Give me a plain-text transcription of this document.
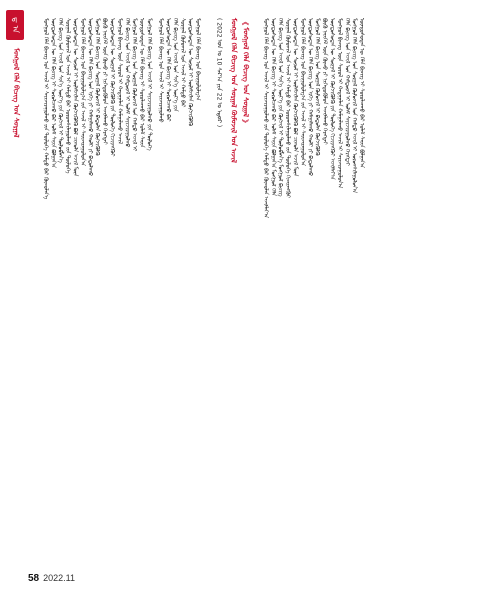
ᠳ ᠠ
ᠮᠣᠩᠭᠣᠯ ᠬᠡᠯᠡ ᠪᠢᠴᠢᠭ ᠤᠨ ᠰᠤᠷᠭᠠᠯ	ᠮᠣᠩᠭᠣᠯ ᠬᠡᠯᠡ ᠪᠢᠴᠢᠭ ᠤᠨ ᠠᠵᠢᠯ ᠢ ᠰᠠᠶᠢᠵᠢᠷᠠᠭᠤᠯᠬᠤ ᠶᠢᠨ ᠲᠥᠯᠥᠭᠡ ᠬᠠᠮᠲᠤ ᠪᠡᠷ ᠬᠦᠴᠦᠯᠡᠨ᠎ᠡ ᠦᠨᠳᠦᠰᠦᠲᠡᠨ ᠦ ᠬᠡᠯᠡ ᠪᠢᠴᠢᠭ ᠢ ᠰᠤᠷᠤᠯᠴᠠᠬᠤ ᠪᠡᠷ ᠤᠯᠠᠮ ᠰᠠᠶᠢᠨ ᠪᠣᠯᠭᠠᠨ᠎ᠠ ᠬᠡᠯᠡ ᠪᠢᠴᠢᠭ ᠤᠨ ᠠᠵᠢᠯ ᠤᠨ ᠰᠢᠨ᠎ᠡ ᠦᠶ᠎ᠡ ᠶᠢᠨ ᠬᠥᠭᠵᠢᠯ ᠢ ᠲᠥᠯᠥᠪᠯᠡᠨ᠎ᠡ ᠰᠤᠷᠭᠠᠯ ᠬᠥᠮᠦᠵᠢᠯ ᠤᠨ ᠠᠵᠢᠯ ᠢ ᠬᠠᠮᠲᠤ ᠪᠡᠷ ᠤᠷᠤᠭᠰᠢᠯᠠᠭᠤᠯᠬᠤ ᠶᠢᠨ ᠲᠥᠯᠥᠭᠡ ᠦᠨᠳᠦᠰᠦᠲᠡᠨ ᠦ ᠰᠣᠶᠣᠯ ᠢ ᠦᠯᠡᠮᠵᠢᠯᠡᠨ ᠬᠥᠭᠵᠢᠭᠦᠯᠬᠦ ᠪᠣᠯ ᠴᠢᠬᠤᠯᠠ ᠠᠵᠢᠯ ᠮᠥᠨ ᠮᠣᠩᠭᠣᠯ ᠬᠡᠯᠡ ᠪᠢᠴᠢᠭ ᠤᠨ ᠪᠠᠶᠢᠭᠤᠯᠤᠯᠭ᠎ᠠ ᠶᠢᠨ ᠠᠵᠢᠯ ᠢ ᠰᠠᠶᠢᠵᠢᠷᠠᠭᠤᠯᠤᠨ᠎ᠠ ᠦᠨᠳᠦᠰᠦᠲᠡᠨ ᠦ ᠬᠡᠯᠡ ᠪᠢᠴᠢᠭ ᠤᠨ ᠡᠷᠬᠡ ᠶᠢ ᠬᠠᠮᠠᠭᠠᠯᠠᠬᠤ ᠬᠠᠤᠯᠢ ᠶᠢ ᠪᠠᠲᠤᠯᠠᠬᠤ ᠮᠣᠩᠭᠣᠯ ᠬᠡᠯᠡ ᠪᠢᠴᠢᠭ ᠤᠨ ᠰᠤᠷᠭᠠᠯ ᠬᠥᠮᠦᠵᠢᠯ ᠢ ᠪᠠᠲᠤᠯᠠᠨ ᠬᠥᠭᠵᠢᠭᠦᠯᠬᠦ ᠪᠦᠬᠦ ᠨᠡᠶᠢᠭᠡᠮ ᠦᠨ ᠬᠦᠴᠦ ᠶᠢ ᠨᠢᠭᠡᠳᠦᠭᠦᠯᠦᠨ ᠠᠵᠢᠯᠯᠠᠬᠤ ᠬᠡᠷᠡᠭᠲᠡᠢ ᠦᠨᠳᠦᠰᠦᠲᠡᠨ ᠦ ᠰᠤᠷᠭᠠᠯ ᠢ ᠬᠥᠭᠵᠢᠭᠦᠯᠬᠦ ᠶᠢᠨ ᠲᠥᠯᠥᠭᠡ ᠬᠢᠴᠢᠶᠡᠩᠭᠦᠢ ᠮᠣᠩᠭᠣᠯ ᠪᠢᠴᠢᠭ ᠦᠨ ᠰᠣᠶᠣᠯ ᠢ ᠬᠠᠳᠠᠭᠠᠯᠠᠨ ᠬᠠᠮᠠᠭᠠᠯᠠᠬᠤ ᠠᠵᠢᠯ ᠬᠡᠯᠡ ᠪᠢᠴᠢᠭ ᠤᠨ ᠠᠵᠢᠯ ᠤᠨ ᠬᠠᠮᠲᠤᠷᠠᠯ ᠢ ᠤᠯᠠᠮ ᠰᠠᠶᠢᠵᠢᠷᠠᠭᠤᠯᠬᠤ ᠮᠣᠩᠭᠣᠯ ᠬᠡᠯᠡ ᠪᠢᠴᠢᠭ ᠤᠨ ᠰᠤᠷᠭᠠᠯ ᠬᠥᠮᠦᠵᠢᠯ ᠤᠨ ᠬᠠᠮᠲᠤ ᠠᠵᠢᠯ ᠢ ᠦᠨᠳᠦᠰᠦᠲᠡᠨ ᠦ ᠬᠡᠯᠡ ᠪᠢᠴᠢᠭ ᠢ ᠰᠤᠷᠤᠯᠴᠠᠬᠤ ᠪᠡᠷ ᠤᠯᠠᠮ ᠰᠠᠶᠢᠨ ᠮᠣᠩᠭᠣᠯ ᠬᠡᠯᠡ ᠪᠢᠴᠢᠭ ᠤᠨ ᠠᠵᠢᠯ ᠢ ᠰᠠᠶᠢᠵᠢᠷᠠᠭᠤᠯᠬᠤ ᠶᠢᠨ ᠲᠥᠯᠥᠭᠡ ᠮᠣᠩᠭᠣᠯ ᠬᠡᠯᠡ ᠪᠢᠴᠢᠭ ᠤᠨ ᠠᠵᠢᠯ ᠢ ᠰᠠᠶᠢᠵᠢᠷᠠᠭᠤᠯᠬᠤ ᠦᠨᠳᠦᠰᠦᠲᠡᠨ ᠦ ᠬᠡᠯᠡ ᠪᠢᠴᠢᠭ ᠢ ᠰᠤᠷᠤᠯᠴᠠᠬᠤ ᠪᠡᠷ ᠬᠡᠯᠡ ᠪᠢᠴᠢᠭ ᠤᠨ ᠠᠵᠢᠯ ᠤᠨ ᠰᠢᠨ᠎ᠡ ᠦᠶ᠎ᠡ ᠶᠢᠨ ᠰᠤᠷᠭᠠᠯ ᠬᠥᠮᠦᠵᠢᠯ ᠤᠨ ᠠᠵᠢᠯ ᠢ ᠬᠠᠮᠲᠤ ᠪᠡᠷ ᠦᠨᠳᠦᠰᠦᠲᠡᠨ ᠦ ᠰᠣᠶᠣᠯ ᠢ ᠦᠯᠡᠮᠵᠢᠯᠡᠨ ᠬᠥᠭᠵᠢᠭᠦᠯᠬᠦ ᠮᠣᠩᠭᠣᠯ ᠬᠡᠯᠡ ᠪᠢᠴᠢᠭ ᠤᠨ ᠪᠠᠶᠢᠭᠤᠯᠤᠯᠭ᠎ᠠ	( 2022 ᠣᠨ ᠤ 10 ᠰᠠᠷ᠎ᠠ ᠶᠢᠨ 22 ᠤ ᠡᠳᠦᠷ ) ᠮᠣᠩᠭᠣᠯ ᠬᠡᠯᠡ ᠪᠢᠴᠢᠭ ᠤᠨ ᠰᠤᠷᠭᠠᠯ ᠬᠥᠮᠦᠵᠢᠯ ᠤᠨ ᠠᠵᠢᠯ 《 ᠮᠣᠩᠭᠣᠯ ᠬᠡᠯᠡ ᠪᠢᠴᠢᠭ ᠤᠨ ᠰᠤᠷᠭᠠᠯ 》 ᠮᠣᠩᠭᠣᠯ ᠬᠡᠯᠡ ᠪᠢᠴᠢᠭ ᠤᠨ ᠠᠵᠢᠯ ᠢ ᠰᠠᠶᠢᠵᠢᠷᠠᠭᠤᠯᠬᠤ ᠶᠢᠨ ᠲᠥᠯᠥᠭᠡ ᠬᠠᠮᠲᠤ ᠪᠡᠷ ᠬᠦᠴᠦᠯᠡᠨ ᠠᠵᠢᠯᠯᠠᠶ᠎ᠠ ᠦᠨᠳᠦᠰᠦᠲᠡᠨ ᠦ ᠬᠡᠯᠡ ᠪᠢᠴᠢᠭ ᠢ ᠰᠤᠷᠤᠯᠴᠠᠬᠤ ᠪᠡᠷ ᠤᠯᠠᠮ ᠰᠠᠶᠢᠨ ᠪᠣᠯᠭᠠᠨ᠎ᠠ ᠮᠣᠩᠭᠣᠯ ᠬᠡᠯᠡ ᠬᠡᠯᠡ ᠪᠢᠴᠢᠭ ᠤᠨ ᠠᠵᠢᠯ ᠤᠨ ᠰᠢᠨ᠎ᠡ ᠦᠶ᠎ᠡ ᠶᠢᠨ ᠬᠥᠭᠵᠢᠯ ᠢ ᠲᠥᠯᠥᠪᠯᠡᠨ᠎ᠡ ᠮᠣᠩᠭᠣᠯ ᠪᠢᠴᠢᠭ ᠰᠤᠷᠭᠠᠯ ᠬᠥᠮᠦᠵᠢᠯ ᠤᠨ ᠠᠵᠢᠯ ᠢ ᠬᠠᠮᠲᠤ ᠪᠡᠷ ᠤᠷᠤᠭᠰᠢᠯᠠᠭᠤᠯᠬᠤ ᠶᠢᠨ ᠲᠥᠯᠥᠭᠡ ᠬᠢᠴᠢᠶᠡᠩᠭᠦᠢ ᠦᠨᠳᠦᠰᠦᠲᠡᠨ ᠦ ᠰᠣᠶᠣᠯ ᠢ ᠦᠯᠡᠮᠵᠢᠯᠡᠨ ᠬᠥᠭᠵᠢᠭᠦᠯᠬᠦ ᠪᠣᠯ ᠴᠢᠬᠤᠯᠠ ᠠᠵᠢᠯ ᠮᠥᠨ ᠮᠣᠩᠭᠣᠯ ᠬᠡᠯᠡ ᠪᠢᠴᠢᠭ ᠤᠨ ᠪᠠᠶᠢᠭᠤᠯᠤᠯᠭ᠎ᠠ ᠶᠢᠨ ᠠᠵᠢᠯ ᠢ ᠰᠠᠶᠢᠵᠢᠷᠠᠭᠤᠯᠤᠨ᠎ᠠ ᠦᠨᠳᠦᠰᠦᠲᠡᠨ ᠦ ᠬᠡᠯᠡ ᠪᠢᠴᠢᠭ ᠤᠨ ᠡᠷᠬᠡ ᠶᠢ ᠬᠠᠮᠠᠭᠠᠯᠠᠬᠤ ᠬᠠᠤᠯᠢ ᠶᠢ ᠪᠠᠲᠤᠯᠠᠬᠤ ᠮᠣᠩᠭᠣᠯ ᠬᠡᠯᠡ ᠪᠢᠴᠢᠭ ᠤᠨ ᠰᠤᠷᠭᠠᠯ ᠬᠥᠮᠦᠵᠢᠯ ᠢ ᠪᠠᠲᠤᠯᠠᠨ ᠬᠥᠭᠵᠢᠭᠦᠯᠬᠦ ᠪᠦᠬᠦ ᠨᠡᠶᠢᠭᠡᠮ ᠦᠨ ᠬᠦᠴᠦ ᠶᠢ ᠨᠢᠭᠡᠳᠦᠭᠦᠯᠦᠨ ᠠᠵᠢᠯᠯᠠᠬᠤ ᠬᠡᠷᠡᠭᠲᠡᠢ ᠦᠨᠳᠦᠰᠦᠲᠡᠨ ᠦ ᠰᠤᠷᠭᠠᠯ ᠢ ᠬᠥᠭᠵᠢᠭᠦᠯᠬᠦ ᠶᠢᠨ ᠲᠥᠯᠥᠭᠡ ᠬᠢᠴᠢᠶᠡᠩᠭᠦᠢ ᠠᠵᠢᠯᠯᠠᠶ᠎ᠠ ᠮᠣᠩᠭᠣᠯ ᠪᠢᠴᠢᠭ ᠦᠨ ᠰᠣᠶᠣᠯ ᠢ ᠬᠠᠳᠠᠭᠠᠯᠠᠨ ᠬᠠᠮᠠᠭᠠᠯᠠᠬᠤ ᠠᠵᠢᠯ ᠢ ᠰᠠᠶᠢᠵᠢᠷᠠᠭᠤᠯᠤᠨ᠎ᠠ ᠬᠡᠯᠡ ᠪᠢᠴᠢᠭ ᠤᠨ ᠠᠵᠢᠯ ᠤᠨ ᠬᠠᠮᠲᠤᠷᠠᠯ ᠢ ᠤᠯᠠᠮ ᠰᠠᠶᠢᠵᠢᠷᠠᠭᠤᠯᠬᠤ ᠬᠡᠷᠡᠭᠲᠡᠢ ᠮᠣᠩᠭᠣᠯ ᠬᠡᠯᠡ ᠪᠢᠴᠢᠭ ᠤᠨ ᠰᠤᠷᠭᠠᠯ ᠬᠥᠮᠦᠵᠢᠯ ᠤᠨ ᠬᠠᠮᠲᠤ ᠠᠵᠢᠯ ᠢ ᠤᠷᠤᠭᠰᠢᠯᠠᠭᠤᠯᠤᠨ᠎ᠠ ᠦᠨᠳᠦᠰᠦᠲᠡᠨ ᠦ ᠬᠡᠯᠡ ᠪᠢᠴᠢᠭ ᠢ ᠰᠤᠷᠤᠯᠴᠠᠬᠤ ᠪᠡᠷ ᠤᠯᠠᠮ ᠰᠠᠶᠢᠨ ᠪᠣᠯᠭᠠᠨ᠎ᠠ
58 2022.11
